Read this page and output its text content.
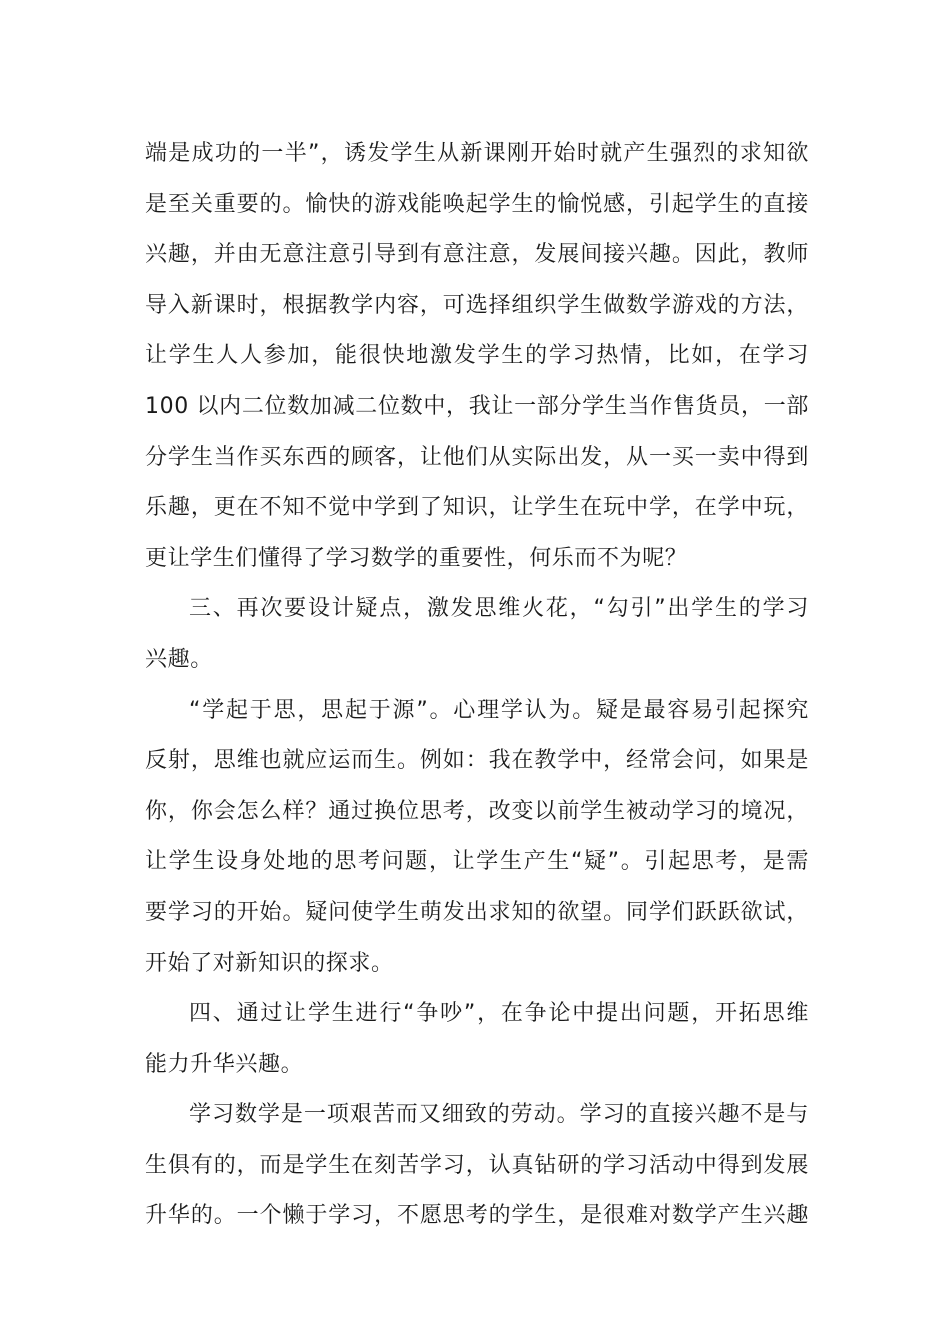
端是成功的一半”，诱发学生从新课刚开始时就产生强烈的求知欲
是至关重要的。愉快的游戏能唤起学生的愉悦感，引起学生的直接
兴趣，并由无意注意引导到有意注意，发展间接兴趣。因此，教师
导入新课时，根据教学内容，可选择组织学生做数学游戏的方法，
让学生人人参加，能很快地激发学生的学习热情，比如，在学习
100 以内二位数加减二位数中，我让一部分学生当作售货员，一部
分学生当作买东西的顾客，让他们从实际出发，从一买一卖中得到
乐趣，更在不知不觉中学到了知识，让学生在玩中学，在学中玩，
更让学生们懂得了学习数学的重要性，何乐而不为呢？
三、再次要设计疑点，激发思维火花，“勾引”出学生的学习
兴趣。
“学起于思，思起于源”。心理学认为。疑是最容易引起探究
反射，思维也就应运而生。例如：我在教学中，经常会问，如果是
你，你会怎么样？通过换位思考，改变以前学生被动学习的境况，
让学生设身处地的思考问题，让学生产生“疑”。引起思考，是需
要学习的开始。疑问使学生萌发出求知的欲望。同学们跃跃欲试，
开始了对新知识的探求。
四、通过让学生进行“争吵”，在争论中提出问题，开拓思维
能力升华兴趣。
学习数学是一项艰苦而又细致的劳动。学习的直接兴趣不是与
生俱有的，而是学生在刻苦学习，认真钻研的学习活动中得到发展
升华的。一个懒于学习，不愿思考的学生，是很难对数学产生兴趣
